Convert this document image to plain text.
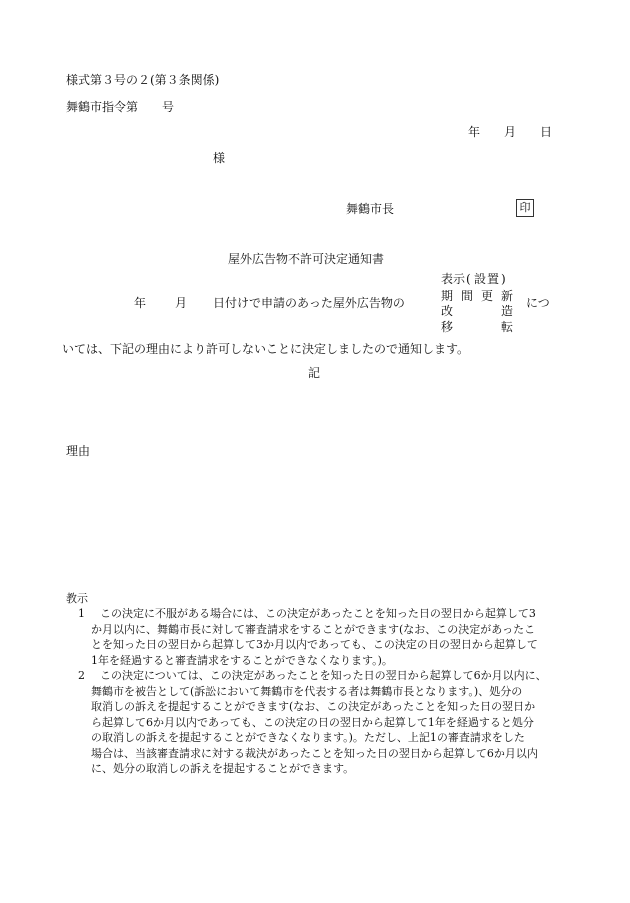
様式第３号の２(第３条関係)
舞鶴市指令第　　号
年　　月　　日
様
舞鶴市長	印
屋外広告物不許可決定通知書
年 月 日付けで申請のあった屋外広告物の
表 示 ( 設 置 )
期 間 更 新
改	造
移	転
につ
いては、下記の理由により許可しないことに決定しましたので通知します。
記
理由
教示
1	この決定に不服がある場合には、この決定があったことを知った日の翌日から起算して3
か月以内に、舞鶴市長に対して審査請求をすることができます(なお、この決定があったこ
とを知った日の翌日から起算して3か月以内であっても、この決定の日の翌日から起算して
1年を経過すると審査請求をすることができなくなります。)。
2	この決定については、この決定があったことを知った日の翌日から起算して6か月以内に、
舞鶴市を被告として(訴訟において舞鶴市を代表する者は舞鶴市長となります。)、処分の
取消しの訴えを提起することができます(なお、この決定があったことを知った日の翌日か
ら起算して6か月以内であっても、この決定の日の翌日から起算して1年を経過すると処分
の取消しの訴えを提起することができなくなります。)。ただし、上記1の審査請求をした
場合は、当該審査請求に対する裁決があったことを知った日の翌日から起算して6か月以内
に、処分の取消しの訴えを提起することができます。
